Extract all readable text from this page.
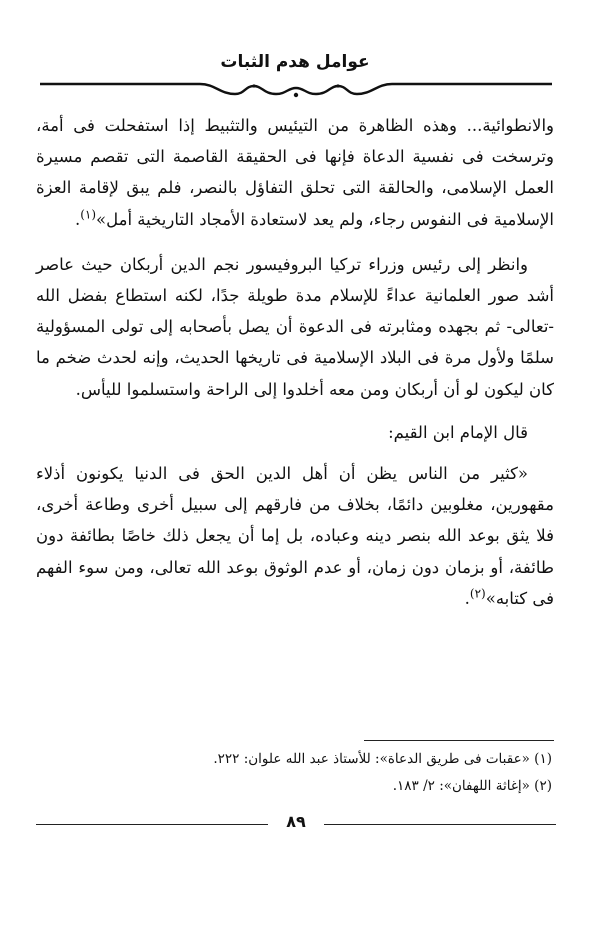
عوامل هدم الثبات

والانطوائية... وهذه الظاهرة من التيئيس والتثبيط إذا استفحلت فى أمة، وترسخت فى نفسية الدعاة فإنها فى الحقيقة القاصمة التى تقصم مسيرة العمل الإسلامى، والحالقة التى تحلق التفاؤل بالنصر، فلم يبق لإقامة العزة الإسلامية فى النفوس رجاء، ولم يعد لاستعادة الأمجاد التاريخية أمل»$^{(١)}$.

وانظر إلى رئيس وزراء تركيا البروفيسور نجم الدين أربكان حيث عاصر أشد صور العلمانية عداءً للإسلام مدة طويلة جدًا، لكنه استطاع بفضل الله -تعالى- ثم بجهده ومثابرته فى الدعوة أن يصل بأصحابه إلى تولى المسؤولية سلمًا ولأول مرة فى البلاد الإسلامية فى تاريخها الحديث، وإنه لحدث ضخم ما كان ليكون لو أن أربكان ومن معه أخلدوا إلى الراحة واستسلموا لليأس.

قال الإمام ابن القيم:

«كثير من الناس يظن أن أهل الدين الحق فى الدنيا يكونون أذلاء مقهورين، مغلوبين دائمًا، بخلاف من فارقهم إلى سبيل أخرى وطاعة أخرى، فلا يثق بوعد الله بنصر دينه وعباده، بل إما أن يجعل ذلك خاصًا بطائفة دون طائفة، أو بزمان دون زمان، أو عدم الوثوق بوعد الله تعالى، ومن سوء الفهم فى كتابه»$^{(٢)}$.

(١) «عقبات فى طريق الدعاة»: للأستاذ عبد الله علوان: ٢٢٢.
(٢) «إغاثة اللهفان»: ٢/ ١٨٣.
٨٩
